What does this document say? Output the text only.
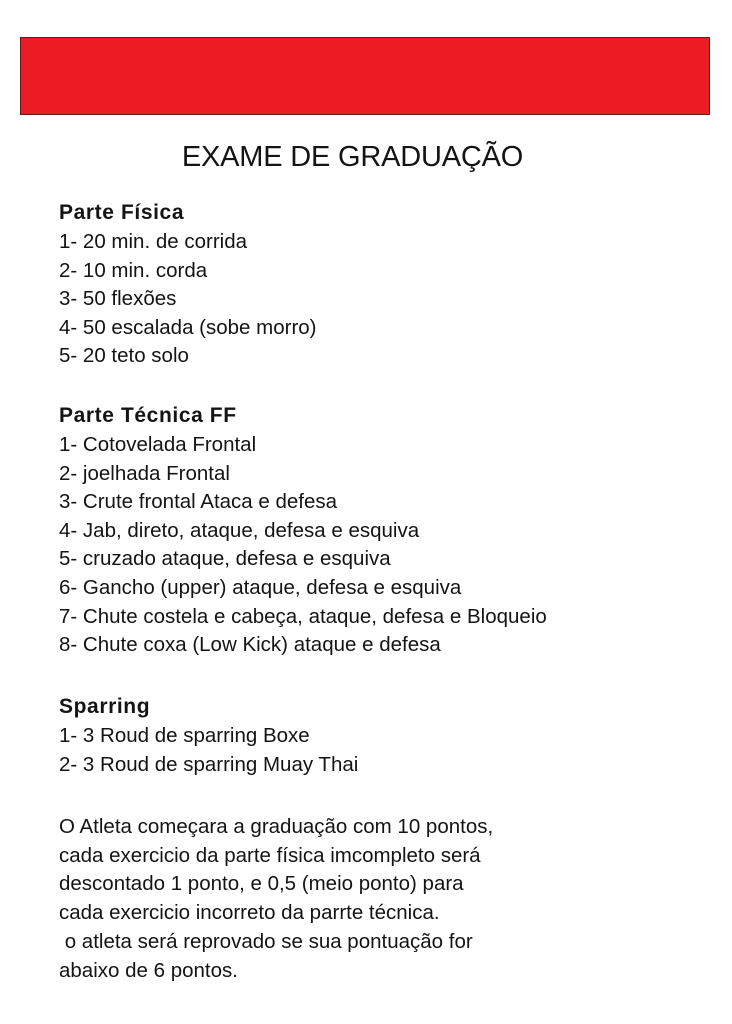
EXAME DE GRADUAÇÃO
Parte Física
1- 20 min. de corrida
2- 10 min. corda
3- 50 flexões
4- 50 escalada (sobe morro)
5- 20 teto solo
Parte Técnica FF
1- Cotovelada Frontal
2- joelhada Frontal
3- Crute frontal Ataca e defesa
4- Jab, direto, ataque, defesa e esquiva
5- cruzado ataque, defesa e esquiva
6- Gancho (upper) ataque, defesa e esquiva
7- Chute costela e cabeça, ataque, defesa e Bloqueio
8- Chute coxa (Low Kick) ataque e defesa
Sparring
1- 3 Roud de sparring Boxe
2- 3 Roud de sparring Muay Thai
O Atleta começara a graduação com 10 pontos,
cada exercicio da parte física imcompleto será
descontado 1 ponto, e 0,5 (meio ponto) para
cada exercicio incorreto da parrte técnica.
o atleta será reprovado se sua pontuação for
abaixo de 6 pontos.
